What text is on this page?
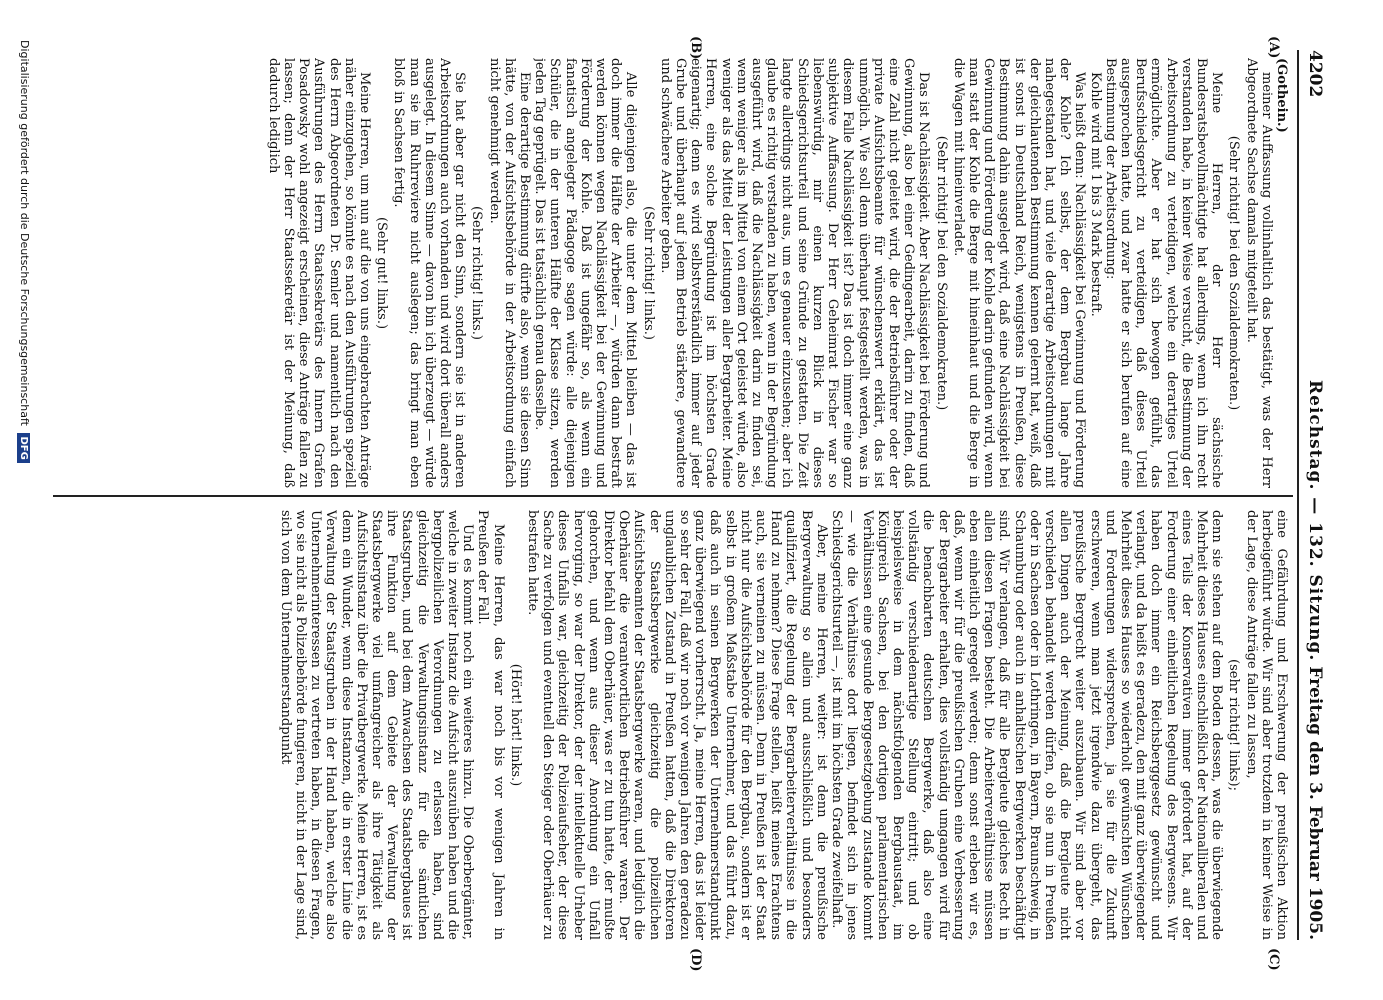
4202
Reichstag. — 132. Sitzung.
Freitag den 3. Februar 1905.
(A)
(B)
(C)
(D)

(Gothein.)

meiner Auffassung vollinhaltlich das bestätigt, was der Herr Abgeordnete Sachse damals mitgeteilt hat.

(Sehr richtig! bei den Sozialdemokraten.)

Meine Herren, der Herr sächsische Bundesratsbevollmächtigte hat allerdings, wenn ich ihn recht verstanden habe, in keiner Weise versucht, die Bestimmung der Arbeitsordnung zu verteidigen, welche ein derartiges Urteil ermöglichte. Aber er hat sich bewogen gefühlt, das Berufsschiedsgericht zu verteidigen, daß dieses Urteil ausgesprochen hatte, und zwar hatte er sich berufen auf eine Bestimmung der Arbeitsordnung:

Kohle wird mit 1 bis 3 Mark bestraft.

Was heißt denn: Nachlässigkeit bei Gewinnung und Förderung der Kohle? Ich selbst, der dem Bergbau lange Jahre nahegestanden hat, und viele derartige Arbeitsordnungen mit der gleichlautenden Bestimmung kennen gelernt hat, weiß, daß ist sonst in Deutschland Reich, wenigstens in Preußen, diese Bestimmung dahin ausgelegt wird, daß eine Nachlässigkeit bei Gewinnung und Förderung der Kohle darin gefunden wird, wenn man statt der Kohle die Berge mit hineinhaut und die Berge in die Wagen mit hineinverladet.

(Sehr richtig! bei den Sozialdemokraten.)

Das ist Nachlässigkeit. Aber Nachlässigkeit bei Förderung und Gewinnung, also bei einer Gedingearbeit, darin zu finden, daß eine Zahl nicht geleitet wird, die der Betriebsführer oder der private Aufsichtsbeamte für wünschenswert erklärt, das ist unmöglich. Wie soll denn überhaupt festgestellt werden, was in diesem Falle Nachlässigkeit ist? Das ist doch immer eine ganz subjektive Auffassung. Der Herr Geheimrat Fischer war so liebenswürdig, mir einen kurzen Blick in dieses Schiedsgerichtsurteil und seine Gründe zu gestatten. Die Zeit langte allerdings nicht aus, um es genauer einzusehen; aber ich glaube es richtig verstanden zu haben, wenn in der Begründung ausgeführt wird, daß die Nachlässigkeit darin zu finden sei, wenn weniger als im Mittel von einem Ort geleistet würde, also weniger als das Mittel der Leistungen aller Bergarbeiter. Meine Herren, eine solche Begründung ist im höchsten Grade eigenartig; denn es wird selbstverständlich immer auf jeder Grube und überhaupt auf jedem Betrieb stärkere, gewandtere und schwächere Arbeiter geben.

(Sehr richtig! links.)

Alle diejenigen also, die unter dem Mittel bleiben — das ist doch immer die Hälfte der Arbeiter —, würden dann bestraft werden können wegen Nachlässigkeit bei der Gewinnung und Förderung der Kohle. Daß ist ungefähr so, als wenn ein fanatisch angelegter Pädagoge sagen würde: alle diejenigen Schüler, die in der unteren Hälfte der Klasse sitzen, werden jeden Tag geprügelt. Das ist tatsächlich genau dasselbe.

Eine derartige Bestimmung dürfte also, wenn sie diesen Sinn hätte, von der Aufsichtsbehörde in der Arbeitsordnung einfach nicht genehmigt werden.

(Sehr richtig! links.)

Sie hat aber gar nicht den Sinn, sondern sie ist in anderen Arbeitsordnungen auch vorhanden und wird dort überall anders ausgelegt. In diesem Sinne — davon bin ich überzeugt — würde man sie im Ruhrreviere nicht auslegen; das bringt man eben bloß in Sachsen fertig.

(Sehr gut! links.)

Meine Herren, um nun auf die von uns eingebrachten Anträge näher einzugehen, so könnte es nach den Ausführungen speziell des Herrn Abgeordneten Dr. Semler und namentlich nach den Ausführungen des Herrn Staatssekretärs des Innern Grafen Posadowsky wohl angezeigt erscheinen, diese Anträge fallen zu lassen; denn der Herr Staatssekretär ist der Meinung, daß dadurch lediglich

eine Gefährdung und Erschwerung der preußischen Aktion herbeigeführt würde. Wir sind aber trotzdem in keiner Weise in der Lage, diese Anträge fallen zu lassen,

(sehr richtig! links);

denn sie stehen auf dem Boden dessen, was die überwiegende Mehrheit dieses Hauses einschließlich der Nationalliberalen und eines Teils der Konservativen immer gefordert hat, auf der Forderung einer einheitlichen Regelung des Bergwesens. Wir haben doch immer ein Reichsberggesetz gewünscht und verlangt, und da heißt es geradezu, den mit ganz überwiegender Mehrheit dieses Hauses so wiederholt gewünschten Wünschen und Forderungen widersprechen, ja sie für die Zukunft erschweren, wenn man jetzt irgendwie dazu übergeht, das preußische Bergrecht weiter auszubauen. Wir sind aber vor allen Dingen auch der Meinung, daß die Bergleute nicht verschieden behandelt werden dürfen, ob sie nun in Preußen oder in Sachsen oder in Lothringen, in Bayern, Braunschweig, in Schaumburg oder auch in anhaltischen Bergwerken beschäftigt sind. Wir verlangen, daß für alle Bergleute gleiches Recht in allen diesen Fragen besteht. Die Arbeiterverhältnisse müssen eben einheitlich geregelt werden; denn sonst erleben wir es, daß, wenn wir für die preußischen Gruben eine Verbesserung der Bergarbeiter erhalten, dies vollständig umgangen wird für die benachbarten deutschen Bergwerke, daß also eine vollständig verschiedenartige Stellung eintritt; und ob beispielsweise in dem nächstfolgenden Bergbaustaat, im Königreich Sachsen, bei den dortigen parlamentarischen Verhältnissen eine gesunde Berggesetzgebung zustande kommt — wie die Verhältnisse dort liegen, befindet sich in jenes Schiedsgerichtsurteil —, ist mit im höchsten Grade zweifelhaft.

Aber, meine Herren, weiter: ist denn die preußische Bergverwaltung so allein und ausschließlich und besonders qualifiziert, die Regelung der Bergarbeiterverhältnisse in die Hand zu nehmen? Diese Frage stellen, heißt meines Erachtens auch, sie verneinen zu müssen. Denn in Preußen ist der Staat nicht nur die Aufsichtsbehörde für den Bergbau, sondern ist er selbst in großem Maßstabe Unternehmer, und das führt dazu, daß auch in seinen Bergwerken der Unternehmerstandpunkt ganz überwiegend vorherrscht. Ja, meine Herren, das ist leider so sehr der Fall, daß wir noch vor wenigen Jahren den geradezu unglaublichen Zustand in Preußen hatten, daß die Direktoren der Staatsbergwerke gleichzeitig die polizeilichen Aufsichtsbeamten der Staatsbergwerke waren, und lediglich die Oberhäuer die verantwortlichen Betriebsführer waren. Der Direktor befahl dem Oberhäuer, was er zu tun hatte, der mußte gehorchen, und wenn aus dieser Anordnung ein Unfall hervorging, so war der Direktor, der der intellektuelle Urheber dieses Unfalls war, gleichzeitig der Polizeiaufseher, der diese Sache zu verfolgen und eventuell den Steiger oder Oberhäuer zu bestrafen hatte.

(Hört! hört! links.)

Meine Herren, das war noch bis vor wenigen Jahren in Preußen der Fall.

Und es kommt noch ein weiteres hinzu. Die Oberbergämter, welche in zweiter Instanz die Aufsicht auszuüben haben und die bergpolizeilichen Verordnungen zu erlassen haben, sind gleichzeitig die Verwaltungsinstanz für die sämtlichen Staatsgruben, und bei dem Anwachsen des Staatsbergbaues ist ihre Funktion auf dem Gebiete der Verwaltung der Staatsbergwerke viel umfangreicher als ihre Tätigkeit als Aufsichtsinstanz über die Privatbergwerke. Meine Herren, ist es denn ein Wunder, wenn diese Instanzen, die in erster Linie die Verwaltung der Staatsgruben in der Hand haben, welche also Unternehmerinteressen zu vertreten haben, in diesen Fragen, wo sie nicht als Polizeibehörde fungieren, nicht in der Lage sind, sich von dem Unternehmerstandpunkt

Digitalisierung gefördert durch die Deutsche Forschungsgemeinschaft DFG
